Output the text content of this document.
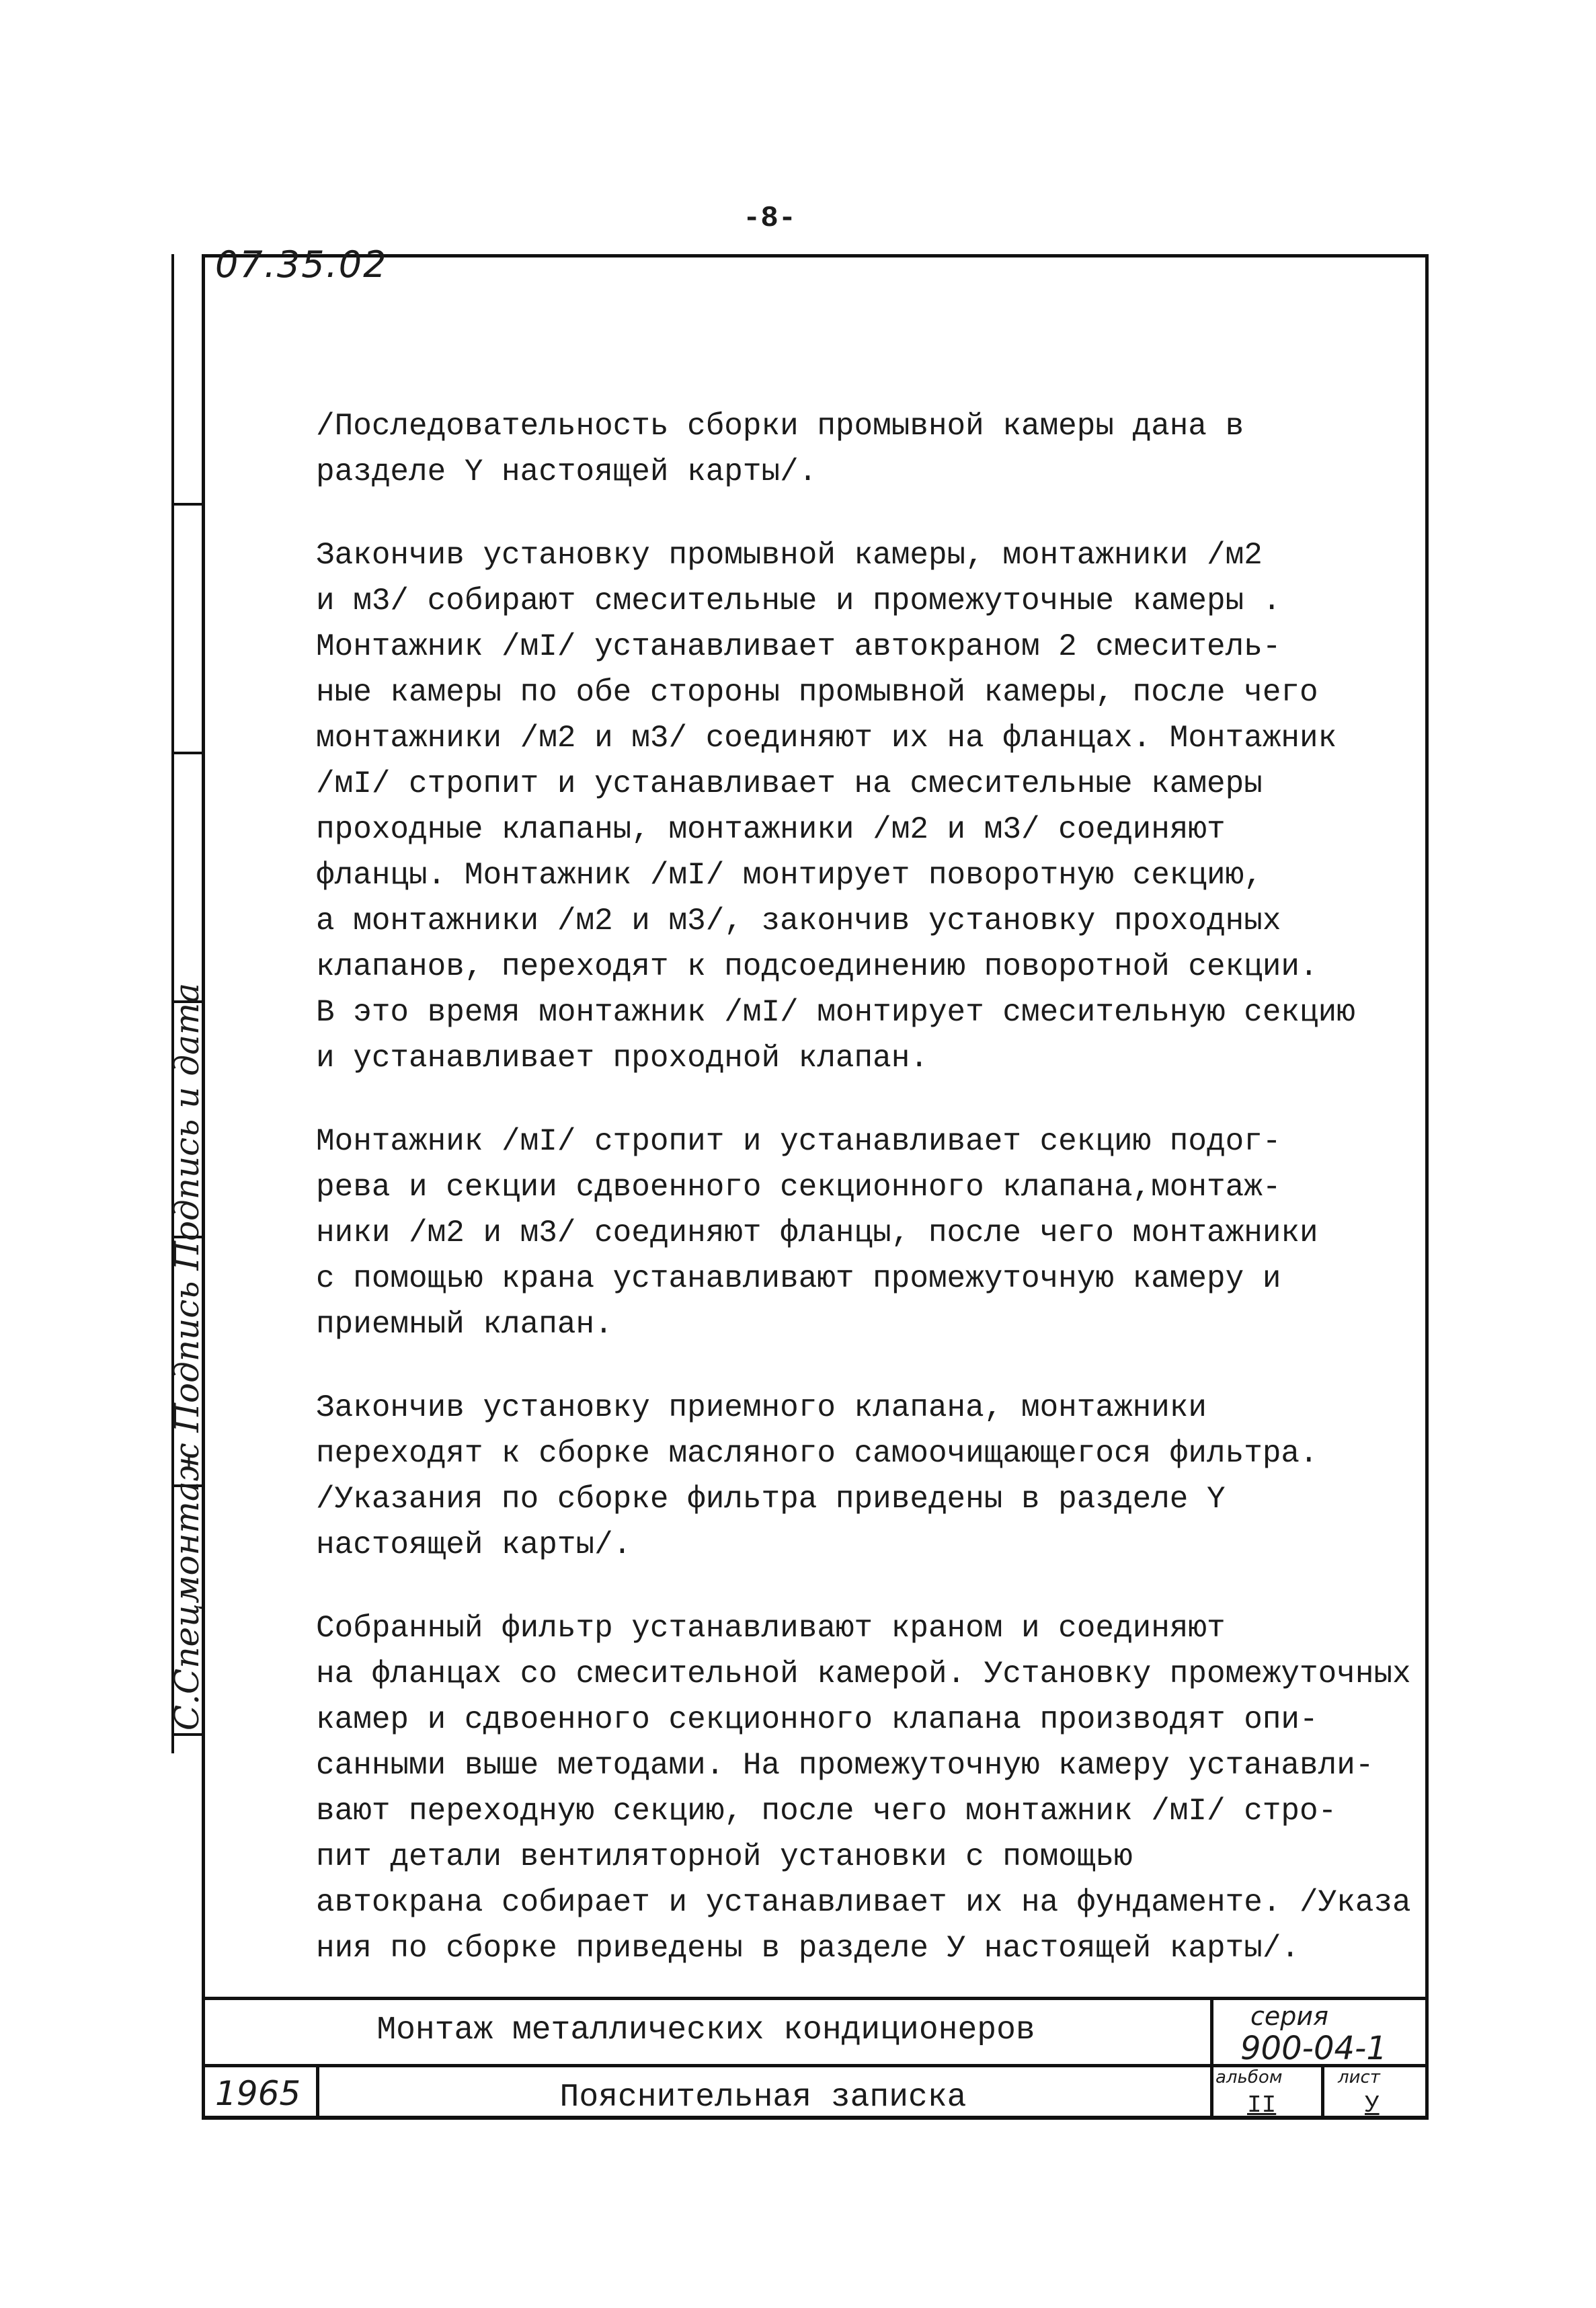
-8-
С.Спецмонтаж Подпись Подпись и дата
07.35.02

/Последовательность сборки промывной камеры дана в
разделе Y настоящей карты/.

Закончив установку промывной камеры, монтажники /м2
и м3/ собирают смесительные и промежуточные камеры .
Монтажник /мI/ устанавливает автокраном 2 смеситель-
ные камеры по обе стороны промывной камеры, после чего
монтажники /м2 и м3/ соединяют их на фланцах. Монтажник
/мI/ стропит и устанавливает на смесительные камеры
проходные клапаны, монтажники /м2 и м3/ соединяют
фланцы. Монтажник /мI/ монтирует поворотную секцию,
а монтажники /м2 и м3/, закончив установку проходных
клапанов, переходят к подсоединению поворотной секции.
В это время монтажник /мI/ монтирует смесительную секцию
и устанавливает проходной клапан.

Монтажник /мI/ стропит и устанавливает секцию подог-
рева и секции сдвоенного секционного клапана,монтаж-
ники /м2 и м3/ соединяют фланцы, после чего монтажники
с помощью крана устанавливают промежуточную камеру и
приемный клапан.

Закончив установку приемного клапана, монтажники
переходят к сборке масляного самоочищающегося фильтра.
/Указания по сборке фильтра приведены в разделе Y
настоящей карты/.

Собранный фильтр устанавливают краном и соединяют
на фланцах со смесительной камерой. Установку промежуточных
камер и сдвоенного секционного клапана производят опи-
санными выше методами. На промежуточную камеру устанавли-
вают переходную секцию, после чего монтажник /мI/ стро-
пит детали вентиляторной установки с помощью
автокрана собирает и устанавливает их на фундаменте. /Указа
ния по сборке приведены в разделе У настоящей карты/.

Монтаж металлических кондиционеров	серия
900-04-1
1965	Пояснительная записка
альбом
II
лист
У
